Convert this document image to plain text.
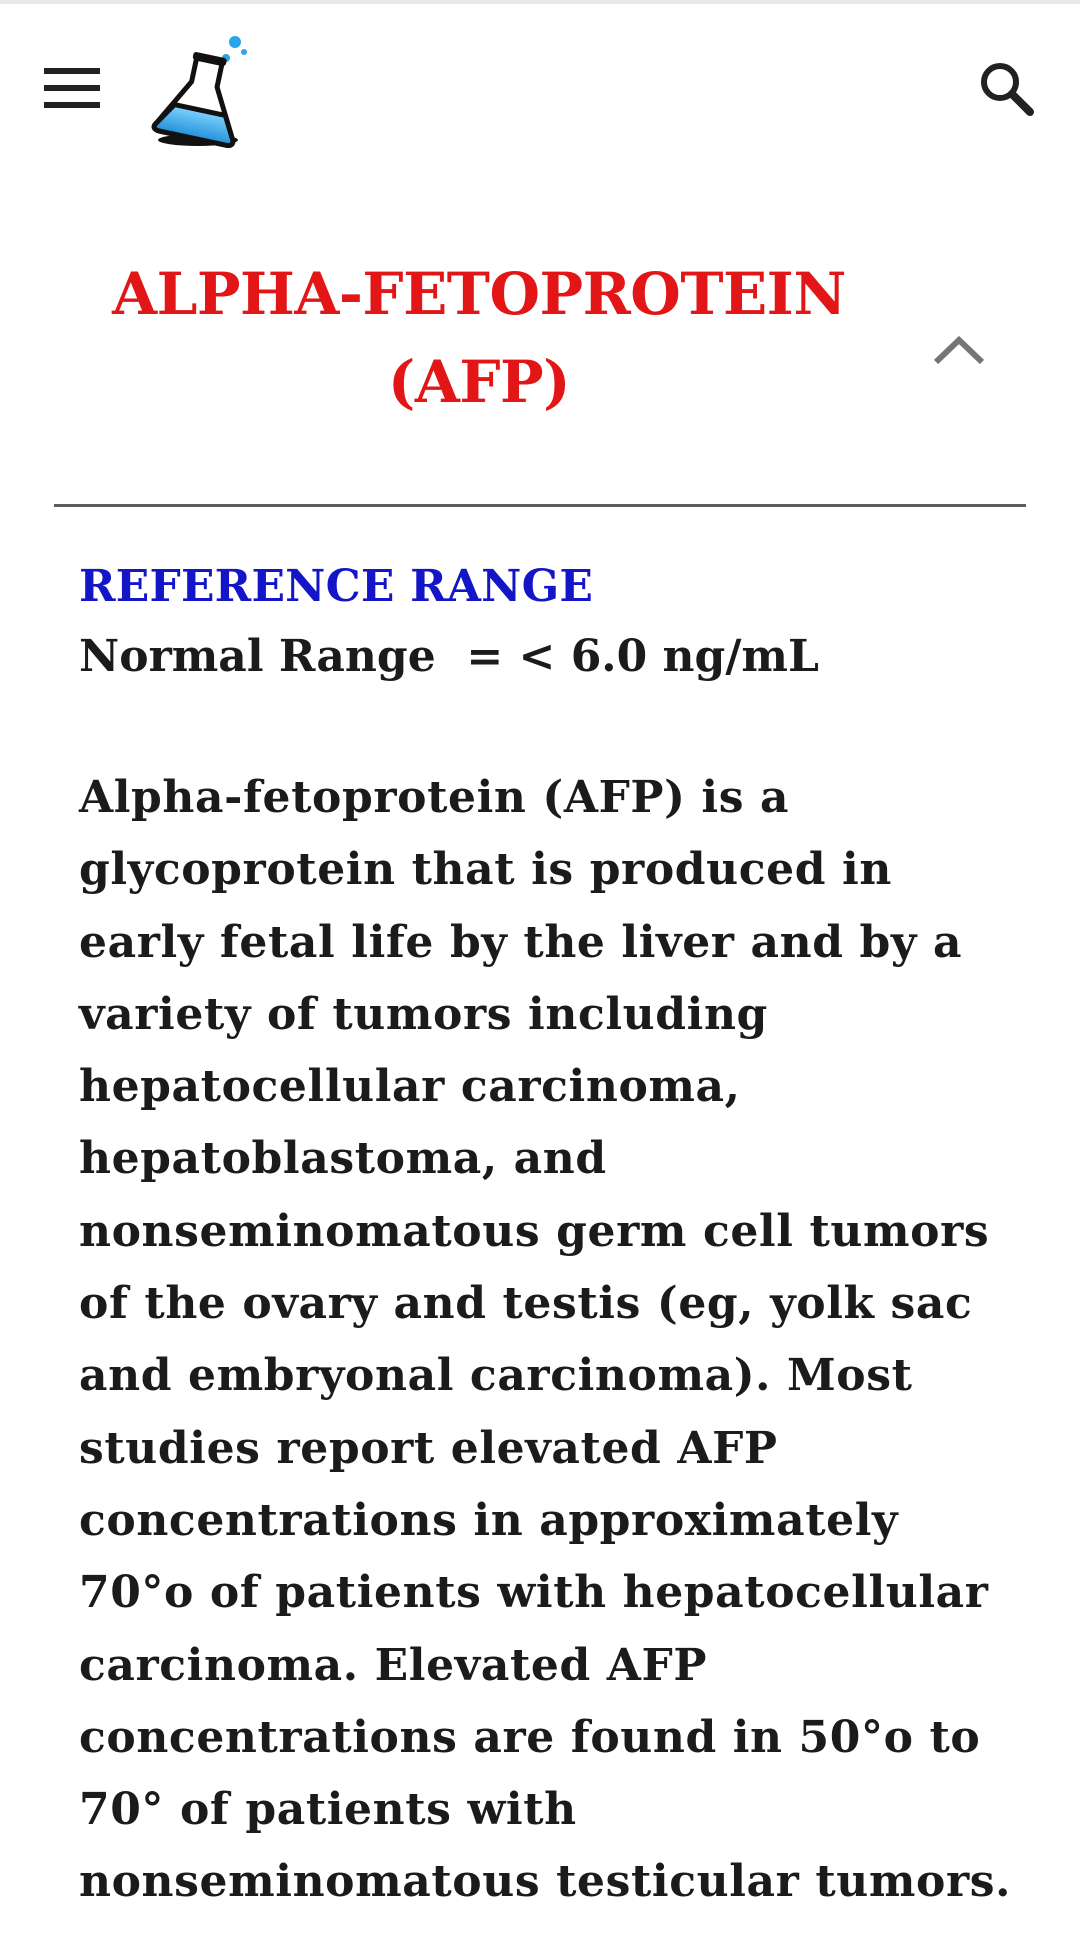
ALPHA-FETOPROTEIN (AFP)

REFERENCE RANGE

Normal Range  = < 6.0 ng/mL

Alpha-fetoprotein (AFP) is a glycoprotein that is produced in early fetal life by the liver and by a variety of tumors including hepatocellular carcinoma, hepatoblastoma, and nonseminomatous germ cell tumors of the ovary and testis (eg, yolk sac and embryonal carcinoma). Most studies report elevated AFP concentrations in approximately 70°o of patients with hepatocellular carcinoma. Elevated AFP concentrations are found in 50°o to 70° of patients with nonseminomatous testicular tumors.
